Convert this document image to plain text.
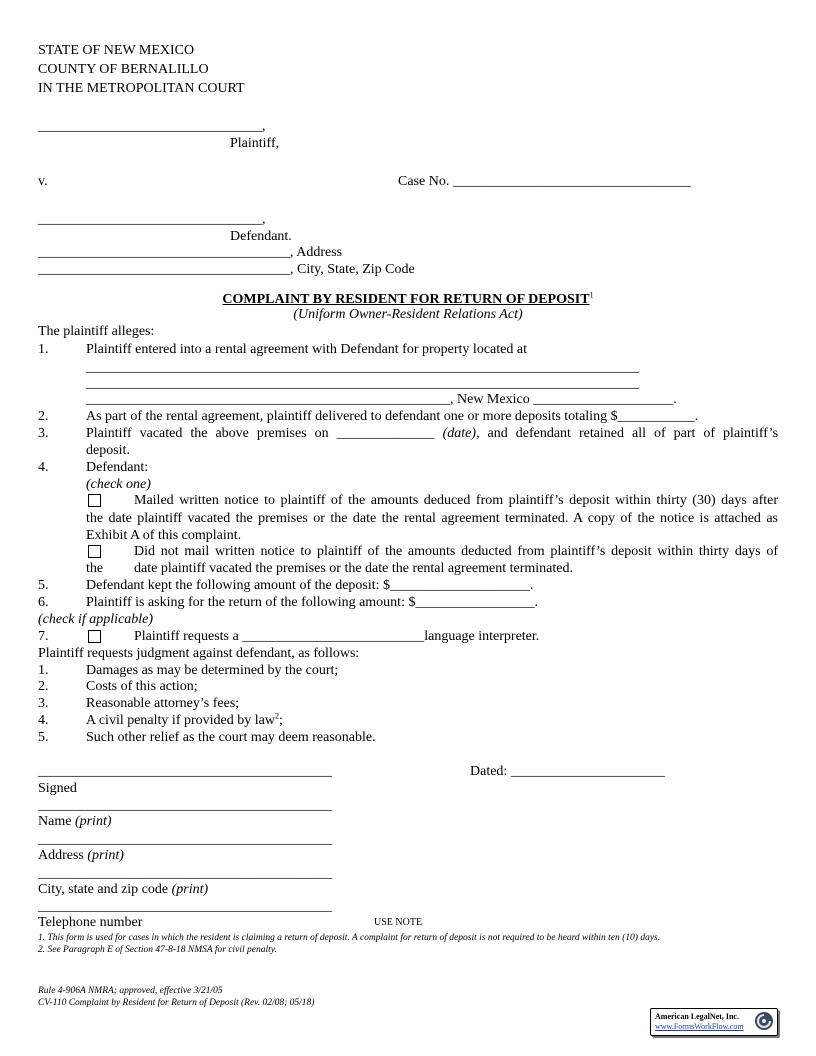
STATE OF NEW MEXICO
COUNTY OF BERNALILLO
IN THE METROPOLITAN COURT
________________________________,
Plaintiff,
v.	Case No. __________________________________
________________________________,
Defendant.
____________________________________, Address
____________________________________, City, State, Zip Code
COMPLAINT BY RESIDENT FOR RETURN OF DEPOSIT$^1$
(Uniform Owner-Resident Relations Act)
The plaintiff alleges:
1.	Plaintiff entered into a rental agreement with Defendant for property located at
_______________________________________________________________________________
_______________________________________________________________________________
____________________________________________________, New Mexico ____________________.
2.	As part of the rental agreement, plaintiff delivered to defendant one or more deposits totaling $___________.
3.	Plaintiff vacated the above premises on ______________ (date), and defendant retained all of part of plaintiff’s
deposit.
4.	Defendant:
(check one)
Mailed written notice to plaintiff of the amounts deduced from plaintiff’s deposit within thirty (30) days after
the date plaintiff vacated the premises or the date the rental agreement terminated. A copy of the notice is attached as
Exhibit A of this complaint.
Did not mail written notice to plaintiff of the amounts deducted from plaintiff’s deposit within thirty days of
the date plaintiff vacated the premises or the date the rental agreement terminated.
5.	Defendant kept the following amount of the deposit: $____________________.
6.	Plaintiff is asking for the return of the following amount: $_________________.
(check if applicable)
7.	Plaintiff requests a __________________________language interpreter.
Plaintiff requests judgment against defendant, as follows:
1.	Damages as may be determined by the court;
2.	Costs of this action;
3.	Reasonable attorney’s fees;
4.	A civil penalty if provided by law$^2$;
5.	Such other relief as the court may deem reasonable.
__________________________________________	Dated: ______________________
Signed
__________________________________________
Name (print)
__________________________________________
Address (print)
__________________________________________
City, state and zip code (print)
__________________________________________
Telephone number	USE NOTE
1. This form is used for cases in which the resident is claiming a return of deposit. A complaint for return of deposit is not required to be heard within ten (10) days.
2. See Paragraph E of Section 47-8-18 NMSA for civil penalty.
Rule 4-906A NMRA; approved, effective 3/21/05
CV-110 Complaint by Resident for Return of Deposit (Rev. 02/08; 05/18)
American LegalNet, Inc.
www.FormsWorkFlow.com
